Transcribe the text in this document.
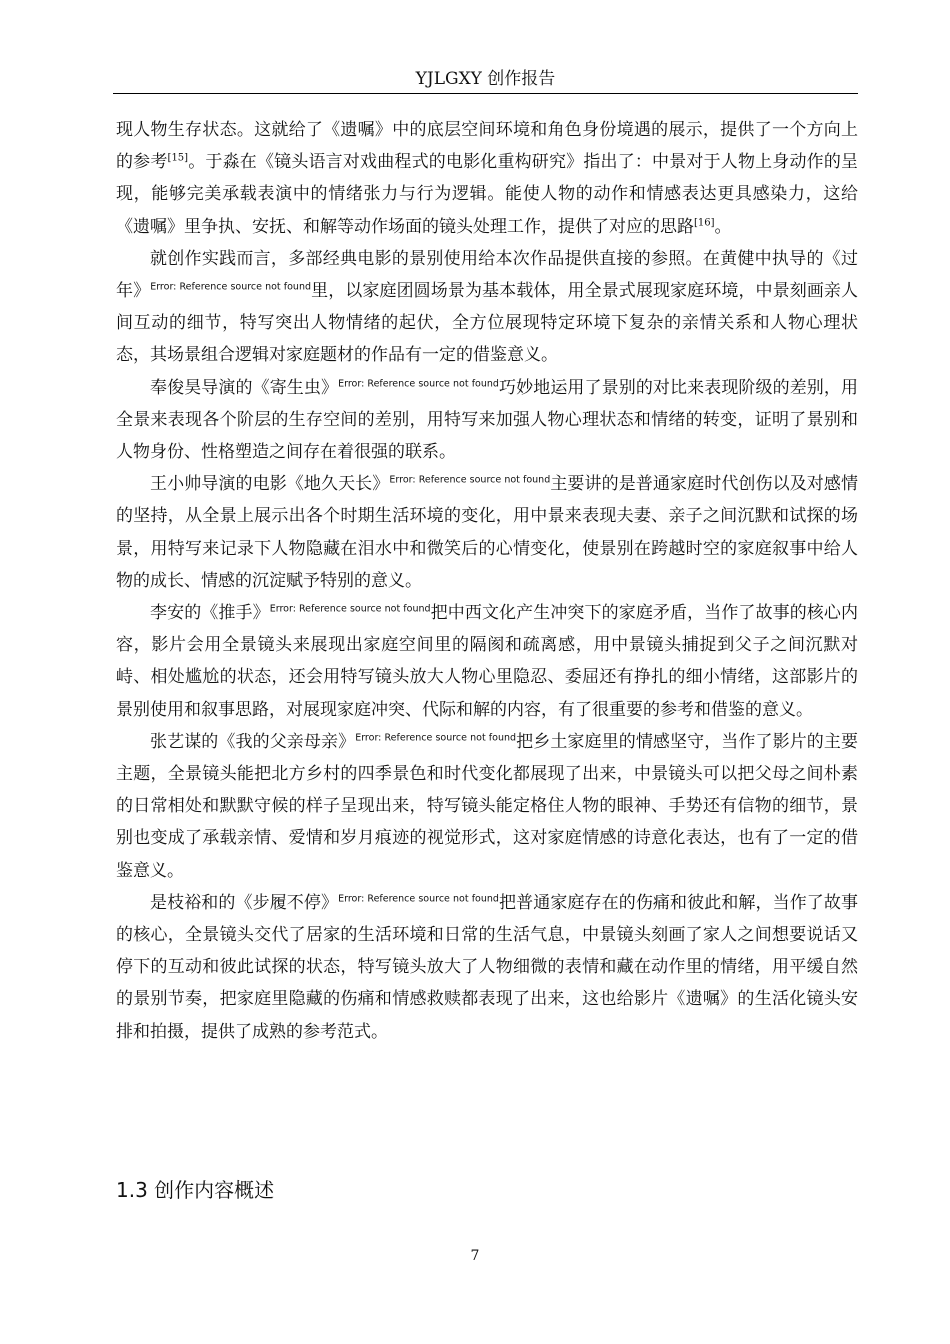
YJLGXY 创作报告

现人物生存状态。这就给了《遗嘱》中的底层空间环境和角色身份境遇的展示，提供了一个方向上的参考[15]。于淼在《镜头语言对戏曲程式的电影化重构研究》指出了：中景对于人物上身动作的呈现，能够完美承载表演中的情绪张力与行为逻辑。能使人物的动作和情感表达更具感染力，这给《遗嘱》里争执、安抚、和解等动作场面的镜头处理工作，提供了对应的思路[16]。

就创作实践而言，多部经典电影的景别使用给本次作品提供直接的参照。在黄健中执导的《过年》$^{Error: Reference source not found}$里，以家庭团圆场景为基本载体，用全景式展现家庭环境，中景刻画亲人间互动的细节，特写突出人物情绪的起伏，全方位展现特定环境下复杂的亲情关系和人物心理状态，其场景组合逻辑对家庭题材的作品有一定的借鉴意义。

奉俊昊导演的《寄生虫》$^{Error: Reference source not found}$巧妙地运用了景别的对比来表现阶级的差别，用全景来表现各个阶层的生存空间的差别，用特写来加强人物心理状态和情绪的转变，证明了景别和人物身份、性格塑造之间存在着很强的联系。

王小帅导演的电影《地久天长》$^{Error: Reference source not found}$主要讲的是普通家庭时代创伤以及对感情的坚持，从全景上展示出各个时期生活环境的变化，用中景来表现夫妻、亲子之间沉默和试探的场景，用特写来记录下人物隐藏在泪水中和微笑后的心情变化，使景别在跨越时空的家庭叙事中给人物的成长、情感的沉淀赋予特别的意义。

李安的《推手》$^{Error: Reference source not found}$把中西文化产生冲突下的家庭矛盾，当作了故事的核心内容，影片会用全景镜头来展现出家庭空间里的隔阂和疏离感，用中景镜头捕捉到父子之间沉默对峙、相处尴尬的状态，还会用特写镜头放大人物心里隐忍、委屈还有挣扎的细小情绪，这部影片的景别使用和叙事思路，对展现家庭冲突、代际和解的内容，有了很重要的参考和借鉴的意义。

张艺谋的《我的父亲母亲》$^{Error: Reference source not found}$把乡土家庭里的情感坚守，当作了影片的主要主题，全景镜头能把北方乡村的四季景色和时代变化都展现了出来，中景镜头可以把父母之间朴素的日常相处和默默守候的样子呈现出来，特写镜头能定格住人物的眼神、手势还有信物的细节，景别也变成了承载亲情、爱情和岁月痕迹的视觉形式，这对家庭情感的诗意化表达，也有了一定的借鉴意义。

是枝裕和的《步履不停》$^{Error: Reference source not found}$把普通家庭存在的伤痛和彼此和解，当作了故事的核心，全景镜头交代了居家的生活环境和日常的生活气息，中景镜头刻画了家人之间想要说话又停下的互动和彼此试探的状态，特写镜头放大了人物细微的表情和藏在动作里的情绪，用平缓自然的景别节奏，把家庭里隐藏的伤痛和情感救赎都表现了出来，这也给影片《遗嘱》的生活化镜头安排和拍摄，提供了成熟的参考范式。

1.3 创作内容概述
7
